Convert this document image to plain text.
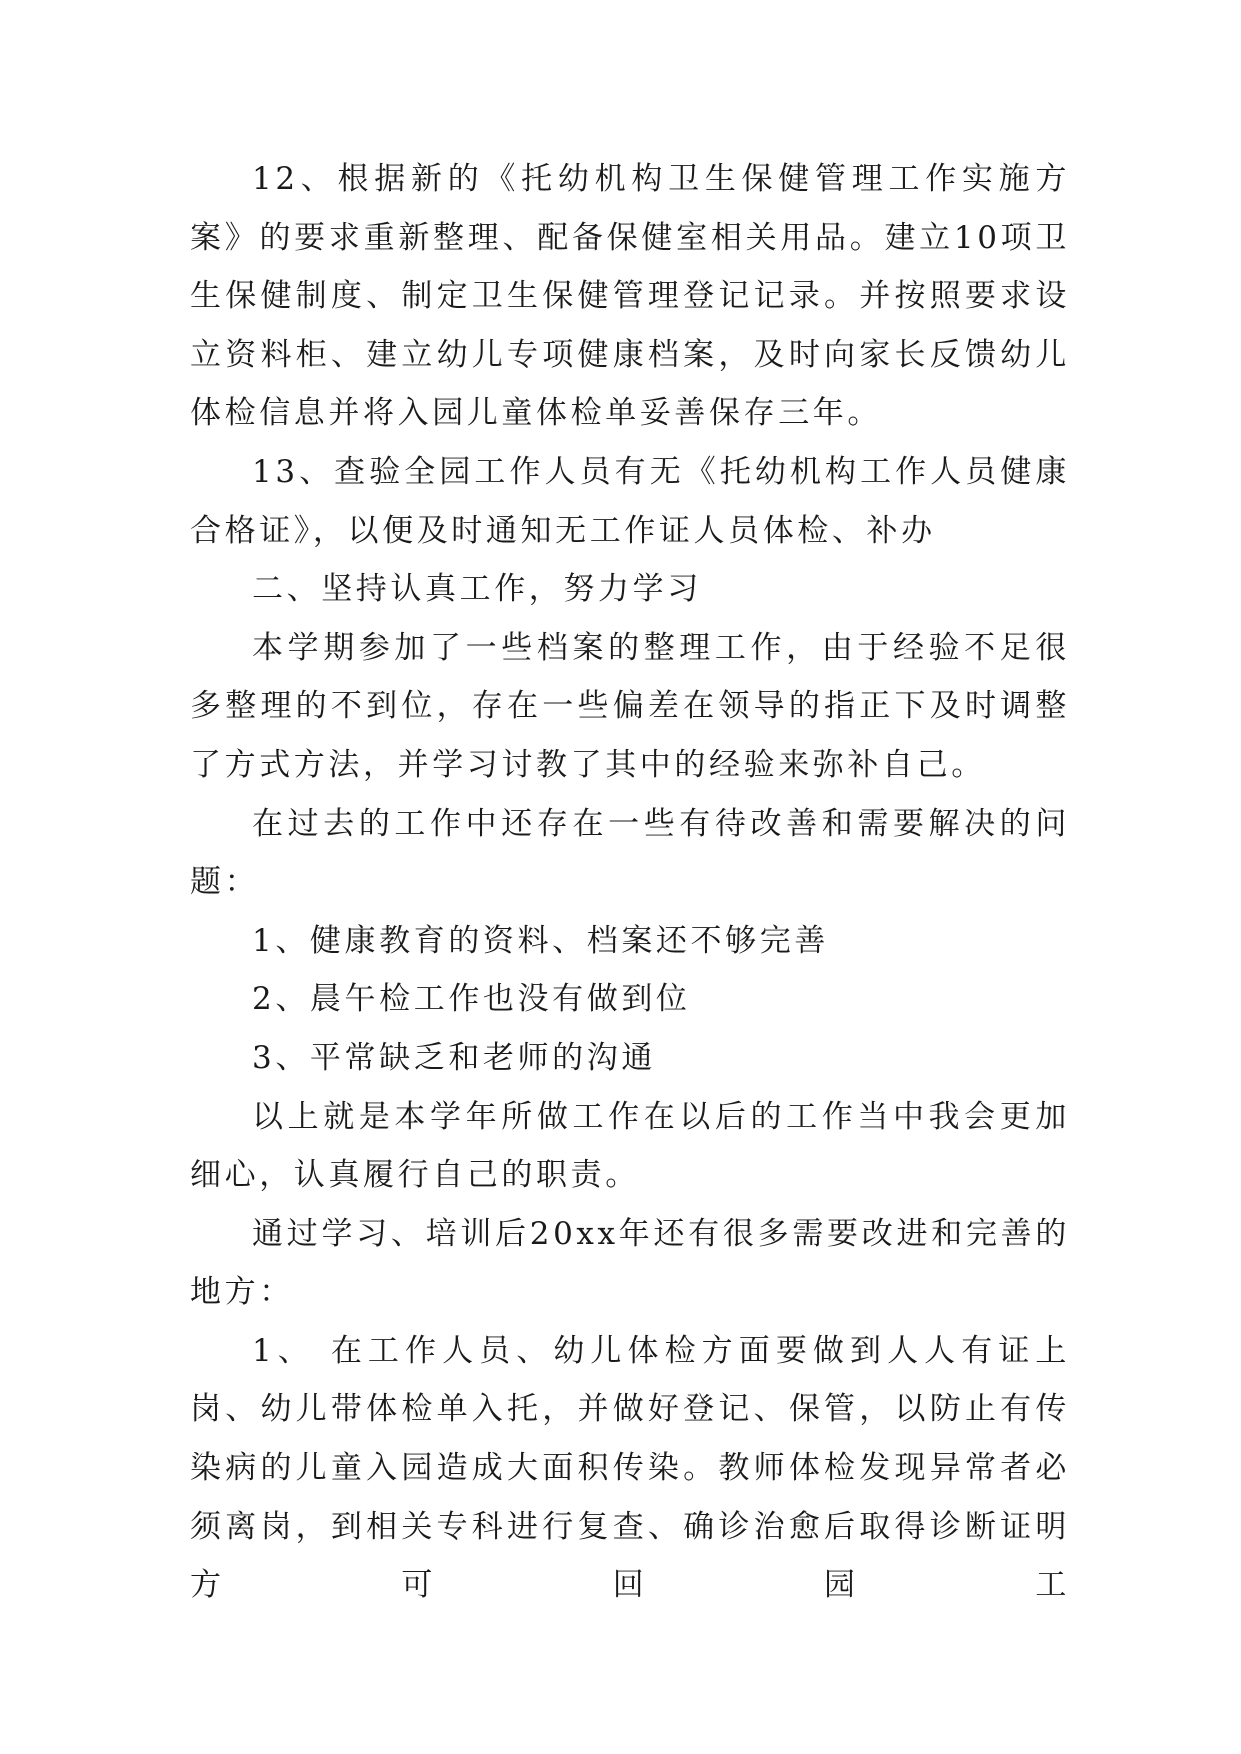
12、根据新的《托幼机构卫生保健管理工作实施方案》的要求重新整理、配备保健室相关用品。建立10项卫生保健制度、制定卫生保健管理登记记录。并按照要求设立资料柜、建立幼儿专项健康档案，及时向家长反馈幼儿体检信息并将入园儿童体检单妥善保存三年。

13、查验全园工作人员有无《托幼机构工作人员健康合格证》，以便及时通知无工作证人员体检、补办

二、坚持认真工作，努力学习

本学期参加了一些档案的整理工作，由于经验不足很多整理的不到位，存在一些偏差在领导的指正下及时调整了方式方法，并学习讨教了其中的经验来弥补自己。

在过去的工作中还存在一些有待改善和需要解决的问题：

1、健康教育的资料、档案还不够完善

2、晨午检工作也没有做到位

3、平常缺乏和老师的沟通

以上就是本学年所做工作在以后的工作当中我会更加细心，认真履行自己的职责。

通过学习、培训后20xx年还有很多需要改进和完善的地方：

1、 在工作人员、幼儿体检方面要做到人人有证上岗、幼儿带体检单入托，并做好登记、保管，以防止有传染病的儿童入园造成大面积传染。教师体检发现异常者必须离岗，到相关专科进行复查、确诊治愈后取得诊断证明方可回园工
